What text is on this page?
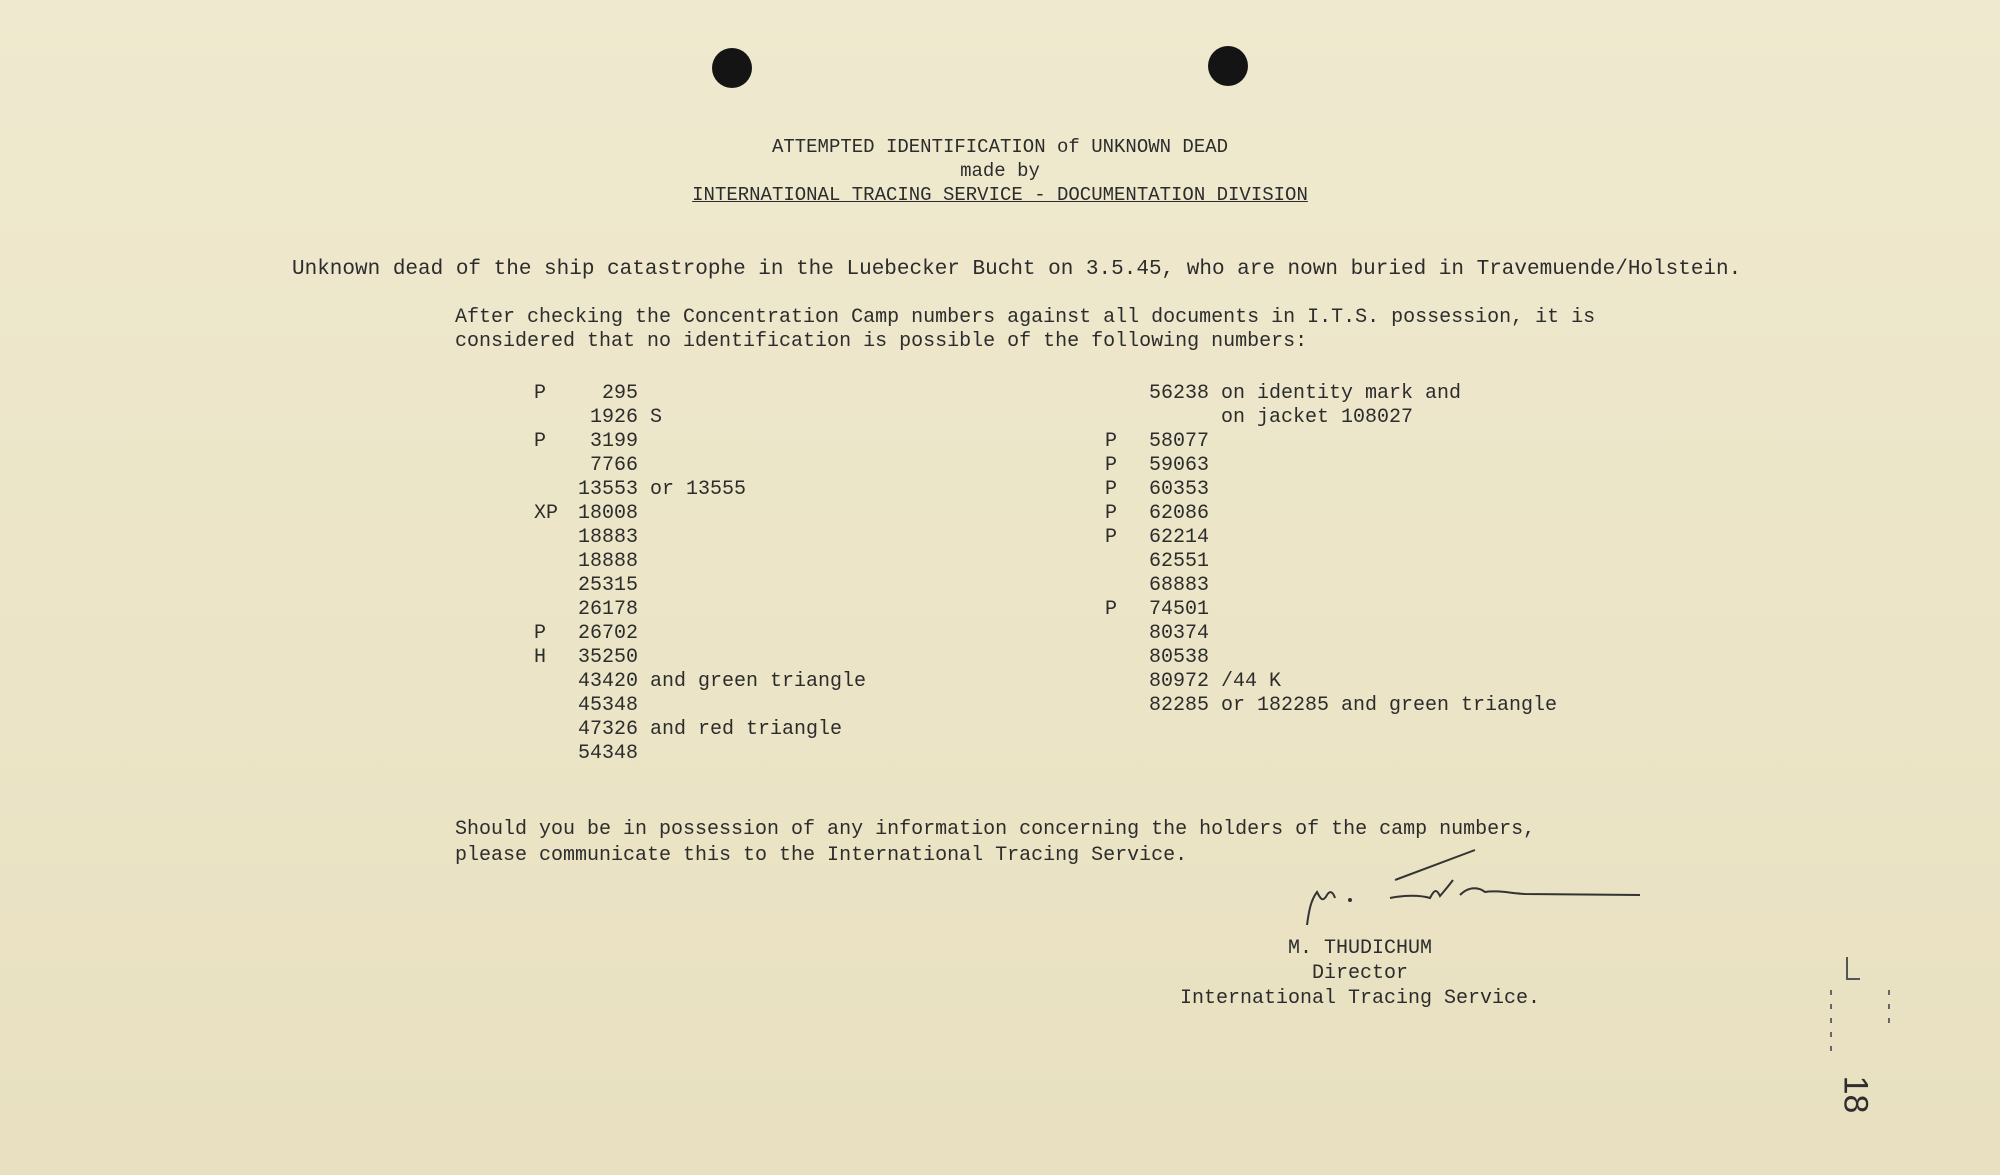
ATTEMPTED IDENTIFICATION of UNKNOWN DEAD
made by
INTERNATIONAL TRACING SERVICE - DOCUMENTATION DIVISION
Unknown dead of the ship catastrophe in the Luebecker Bucht on 3.5.45, who are nown buried in Travemuende/Holstein.
After checking the Concentration Camp numbers against all documents in I.T.S. possession, it is
considered that no identification is possible of the following numbers:
P	295
1926 S
P 3199
7766
13553 or 13555
XP 18008
18883
18888
25315
26178
P 26702
H 35250
43420 and green triangle
45348
47326 and red triangle
54348
56238 on identity mark and
on jacket 108027
P 58077
P 59063
P 60353
P 62086
P 62214
62551
68883
P 74501
80374
80538
80972 /44 K
82285 or 182285 and green triangle
Should you be in possession of any information concerning the holders of the camp numbers,
please communicate this to the International Tracing Service.
M. THUDICHUM
Director
International Tracing Service.
18
